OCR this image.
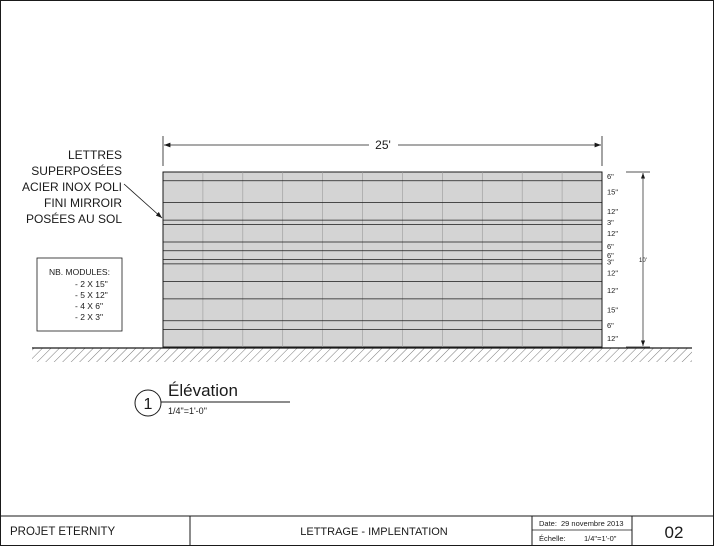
25'
LETTRES
SUPERPOSÉES
ACIER INOX POLI
FINI MIRROIR
POSÉES AU SOL
NB. MODULES:
- 2 X 15"
- 5 X 12"
- 4 X 6"
- 2 X 3"
6"
15"
12"
3"
12"
6"
6"
3"
12"
12"
15"
6"
12"
10'
1
Élévation
1/4"=1'-0"
PROJET ETERNITY	LETTRAGE - IMPLENTATION
Date: 29 novembre 2013
Échelle: 1/4"=1'-0"	02
